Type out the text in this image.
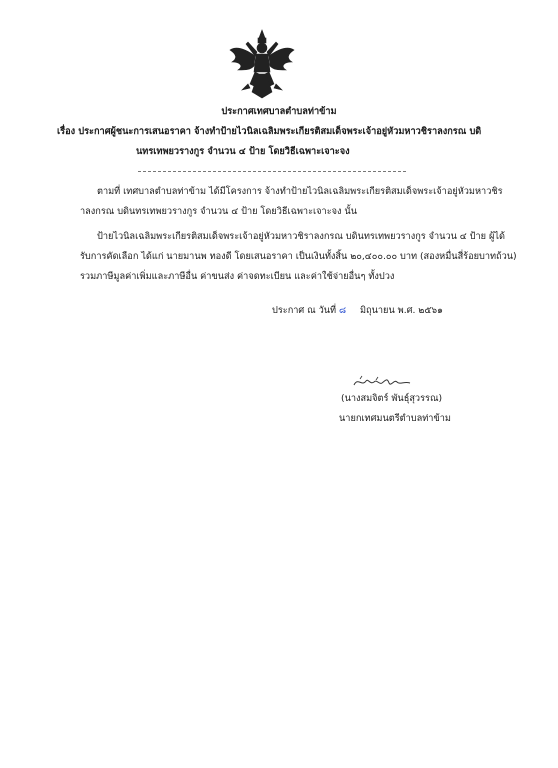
ประกาศเทศบาลตำบลท่าข้าม
เรื่อง ประกาศผู้ชนะการเสนอราคา จ้างทำป้ายไวนิลเฉลิมพระเกียรติสมเด็จพระเจ้าอยู่หัวมหาวชิราลงกรณ บดิ
นทรเทพยวรางกูร จำนวน ๔ ป้าย โดยวิธีเฉพาะเจาะจง
ตามที่ เทศบาลตำบลท่าข้าม ได้มีโครงการ จ้างทำป้ายไวนิลเฉลิมพระเกียรติสมเด็จพระเจ้าอยู่หัวมหาวชิร
าลงกรณ บดินทรเทพยวรางกูร จำนวน ๔ ป้าย โดยวิธีเฉพาะเจาะจง นั้น
ป้ายไวนิลเฉลิมพระเกียรติสมเด็จพระเจ้าอยู่หัวมหาวชิราลงกรณ บดินทรเทพยวรางกูร จำนวน ๔ ป้าย ผู้ได้
รับการคัดเลือก ได้แก่ นายมานพ ทองดี โดยเสนอราคา เป็นเงินทั้งสิ้น ๒๐,๔๐๐.๐๐ บาท (สองหมื่นสี่ร้อยบาทถ้วน)
รวมภาษีมูลค่าเพิ่มและภาษีอื่น ค่าขนส่ง ค่าจดทะเบียน และค่าใช้จ่ายอื่นๆ ทั้งปวง
ประกาศ ณ วันที่ ๘ มิถุนายน พ.ศ. ๒๕๖๑
(นางสมจิตร์ พันธุ์สุวรรณ)
นายกเทศมนตรีตำบลท่าข้าม
